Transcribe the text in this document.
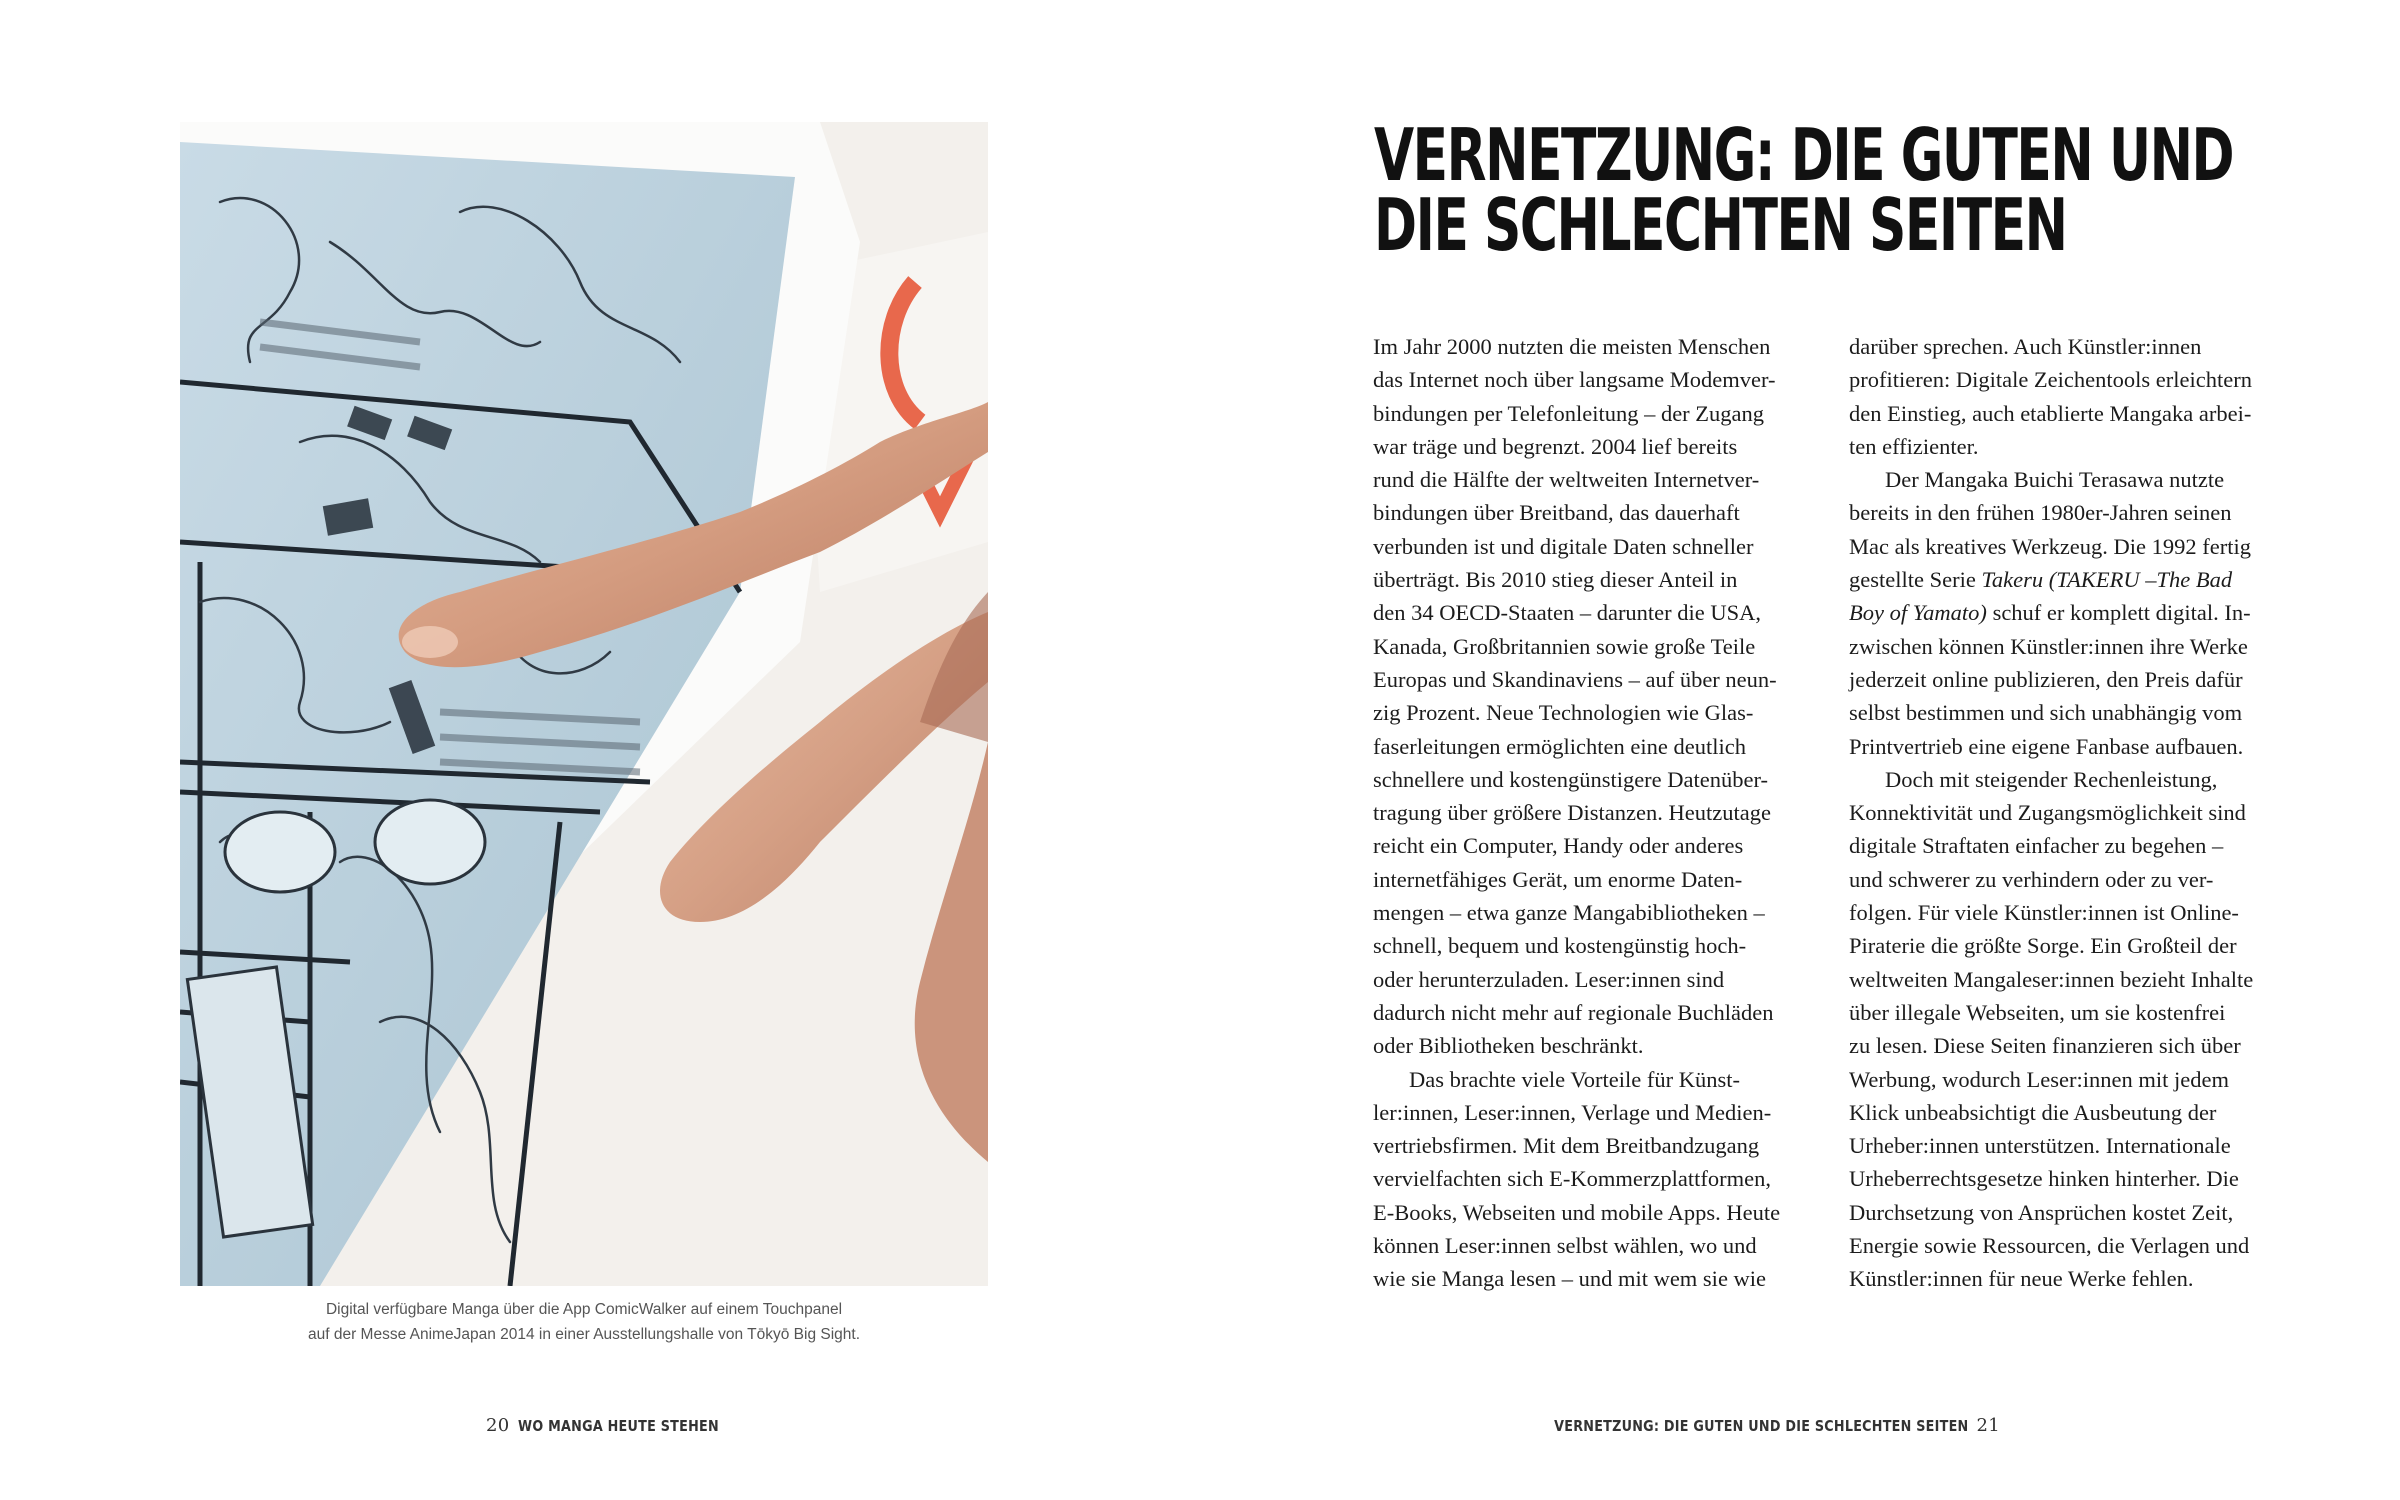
Digital verfügbare Manga über die App ComicWalker auf einem Touchpanel
auf der Messe AnimeJapan 2014 in einer Ausstellungshalle von Tōkyō Big Sight.
20 WO MANGA HEUTE STEHEN
VERNETZUNG: DIE GUTEN UND
DIE SCHLECHTEN SEITEN
Im Jahr 2000 nutzten die meisten Menschen
das Internet noch über langsame Modemver-
bindungen per Telefonleitung – der Zugang
war träge und begrenzt. 2004 lief bereits
rund die Hälfte der weltweiten Internetver-
bindungen über Breitband, das dauerhaft
verbunden ist und digitale Daten schneller
überträgt. Bis 2010 stieg dieser Anteil in
den 34 OECD-Staaten – darunter die USA,
Kanada, Großbritannien sowie große Teile
Europas und Skandinaviens – auf über neun-
zig Prozent. Neue Technologien wie Glas-
faserleitungen ermöglichten eine deutlich
schnellere und kostengünstigere Datenüber-
tragung über größere Distanzen. Heutzutage
reicht ein Computer, Handy oder anderes
internetfähiges Gerät, um enorme Daten-
mengen – etwa ganze Mangabibliotheken –
schnell, bequem und kostengünstig hoch-
oder herunterzuladen. Leser:innen sind
dadurch nicht mehr auf regionale Buchläden
oder Bibliotheken beschränkt.
Das brachte viele Vorteile für Künst-
ler:innen, Leser:innen, Verlage und Medien-
vertriebsfirmen. Mit dem Breitbandzugang
vervielfachten sich E-Kommerzplattformen,
E-Books, Webseiten und mobile Apps. Heute
können Leser:innen selbst wählen, wo und
wie sie Manga lesen – und mit wem sie wie
darüber sprechen. Auch Künstler:innen
profitieren: Digitale Zeichentools erleichtern
den Einstieg, auch etablierte Mangaka arbei-
ten effizienter.
Der Mangaka Buichi Terasawa nutzte
bereits in den frühen 1980er-Jahren seinen
Mac als kreatives Werkzeug. Die 1992 fertig
gestellte Serie Takeru (TAKERU –The Bad
Boy of Yamato) schuf er komplett digital. In-
zwischen können Künstler:innen ihre Werke
jederzeit online publizieren, den Preis dafür
selbst bestimmen und sich unabhängig vom
Printvertrieb eine eigene Fanbase aufbauen.
Doch mit steigender Rechenleistung,
Konnektivität und Zugangsmöglichkeit sind
digitale Straftaten einfacher zu begehen –
und schwerer zu verhindern oder zu ver-
folgen. Für viele Künstler:innen ist Online-
Piraterie die größte Sorge. Ein Großteil der
weltweiten Mangaleser:innen bezieht Inhalte
über illegale Webseiten, um sie kostenfrei
zu lesen. Diese Seiten finanzieren sich über
Werbung, wodurch Leser:innen mit jedem
Klick unbeabsichtigt die Ausbeutung der
Urheber:innen unterstützen. Internationale
Urheberrechtsgesetze hinken hinterher. Die
Durchsetzung von Ansprüchen kostet Zeit,
Energie sowie Ressourcen, die Verlagen und
Künstler:innen für neue Werke fehlen.
VERNETZUNG: DIE GUTEN UND DIE SCHLECHTEN SEITEN 21
